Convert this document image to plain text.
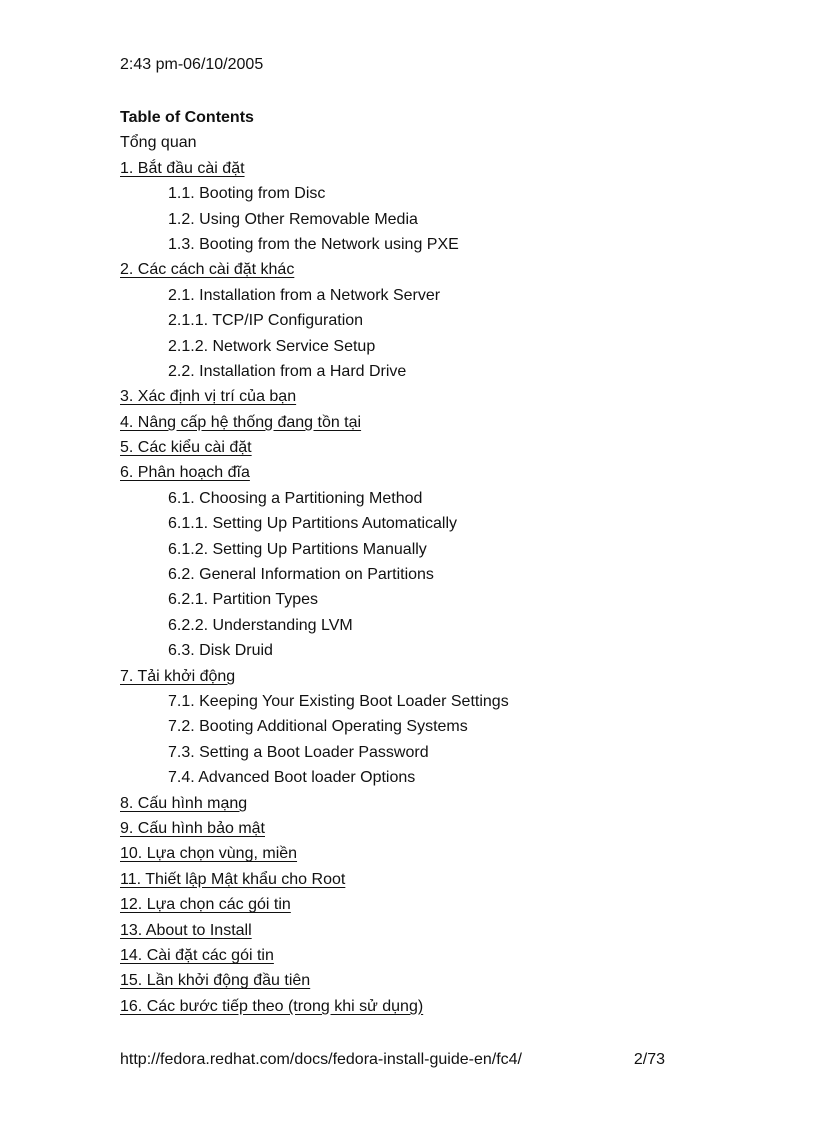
2:43 pm-06/10/2005
Table of Contents
Tổng quan
1. Bắt đầu cài đặt
1.1. Booting from Disc
1.2. Using Other Removable Media
1.3. Booting from the Network using PXE
2. Các cách cài đặt khác
2.1. Installation from a Network Server
2.1.1. TCP/IP Configuration
2.1.2. Network Service Setup
2.2. Installation from a Hard Drive
3. Xác định vị trí của bạn
4. Nâng cấp hệ thống đang tồn tại
5. Các kiểu cài đặt
6. Phân hoạch đĩa
6.1. Choosing a Partitioning Method
6.1.1. Setting Up Partitions Automatically
6.1.2. Setting Up Partitions Manually
6.2. General Information on Partitions
6.2.1. Partition Types
6.2.2. Understanding LVM
6.3. Disk Druid
7. Tải khởi động
7.1. Keeping Your Existing Boot Loader Settings
7.2. Booting Additional Operating Systems
7.3. Setting a Boot Loader Password
7.4. Advanced Boot loader Options
8. Cấu hình mạng
9. Cấu hình bảo mật
10. Lựa chọn vùng, miền
11. Thiết lập Mật khẩu cho Root
12. Lựa chọn các gói tin
13. About to Install
14. Cài đặt các gói tin
15. Lần khởi động đầu tiên
16. Các bước tiếp theo (trong khi sử dụng)
http://fedora.redhat.com/docs/fedora-install-guide-en/fc4/	2/73
